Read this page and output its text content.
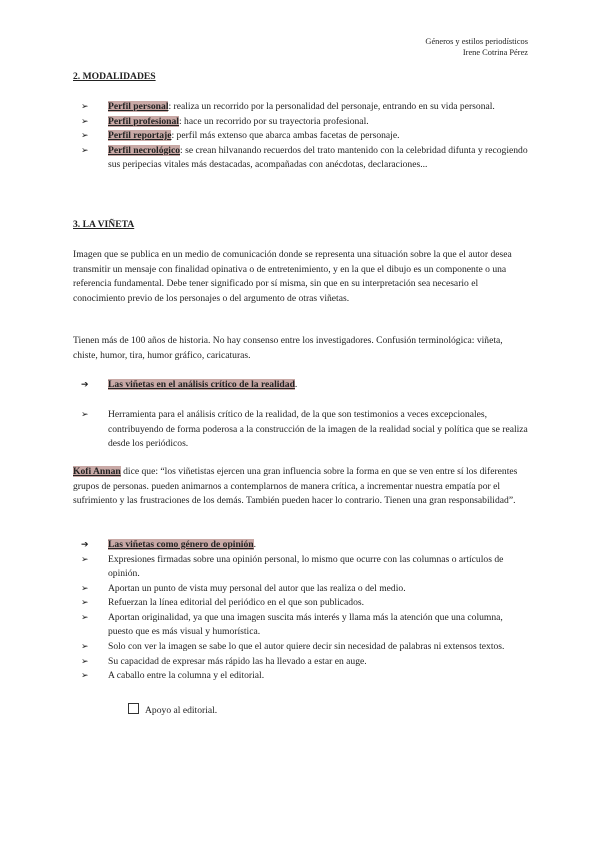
Géneros y estilos periodísticos
Irene Cotrina Pérez
2. MODALIDADES
➢ Perfil personal: realiza un recorrido por la personalidad del personaje, entrando en su vida personal.
➢ Perfil profesional: hace un recorrido por su trayectoria profesional.
➢ Perfil reportaje: perfil más extenso que abarca ambas facetas de personaje.
➢ Perfil necrológico: se crean hilvanando recuerdos del trato mantenido con la celebridad difunta y recogiendo sus peripecias vitales más destacadas, acompañadas con anécdotas, declaraciones...
3. LA VIÑETA

Imagen que se publica en un medio de comunicación donde se representa una situación sobre la que el autor desea transmitir un mensaje con finalidad opinativa o de entretenimiento, y en la que el dibujo es un componente o una referencia fundamental. Debe tener significado por sí misma, sin que en su interpretación sea necesario el conocimiento previo de los personajes o del argumento de otras viñetas.

Tienen más de 100 años de historia. No hay consenso entre los investigadores. Confusión terminológica: viñeta, chiste, humor, tira, humor gráfico, caricaturas.

➔ Las viñetas en el análisis crítico de la realidad.
➢ Herramienta para el análisis crítico de la realidad, de la que son testimonios a veces excepcionales, contribuyendo de forma poderosa a la construcción de la imagen de la realidad social y política que se realiza desde los periódicos.

Kofi Annan dice que: “los viñetistas ejercen una gran influencia sobre la forma en que se ven entre sí los diferentes grupos de personas. pueden animarnos a contemplarnos de manera crítica, a incrementar nuestra empatía por el sufrimiento y las frustraciones de los demás. También pueden hacer lo contrario. Tienen una gran responsabilidad”.

➔ Las viñetas como género de opinión.
➢ Expresiones firmadas sobre una opinión personal, lo mismo que ocurre con las columnas o artículos de opinión.
➢ Aportan un punto de vista muy personal del autor que las realiza o del medio.
➢ Refuerzan la línea editorial del periódico en el que son publicados.
➢ Aportan originalidad, ya que una imagen suscita más interés y llama más la atención que una columna, puesto que es más visual y humorística.
➢ Solo con ver la imagen se sabe lo que el autor quiere decir sin necesidad de palabras ni extensos textos.
➢ Su capacidad de expresar más rápido las ha llevado a estar en auge.
➢ A caballo entre la columna y el editorial.
Apoyo al editorial.
